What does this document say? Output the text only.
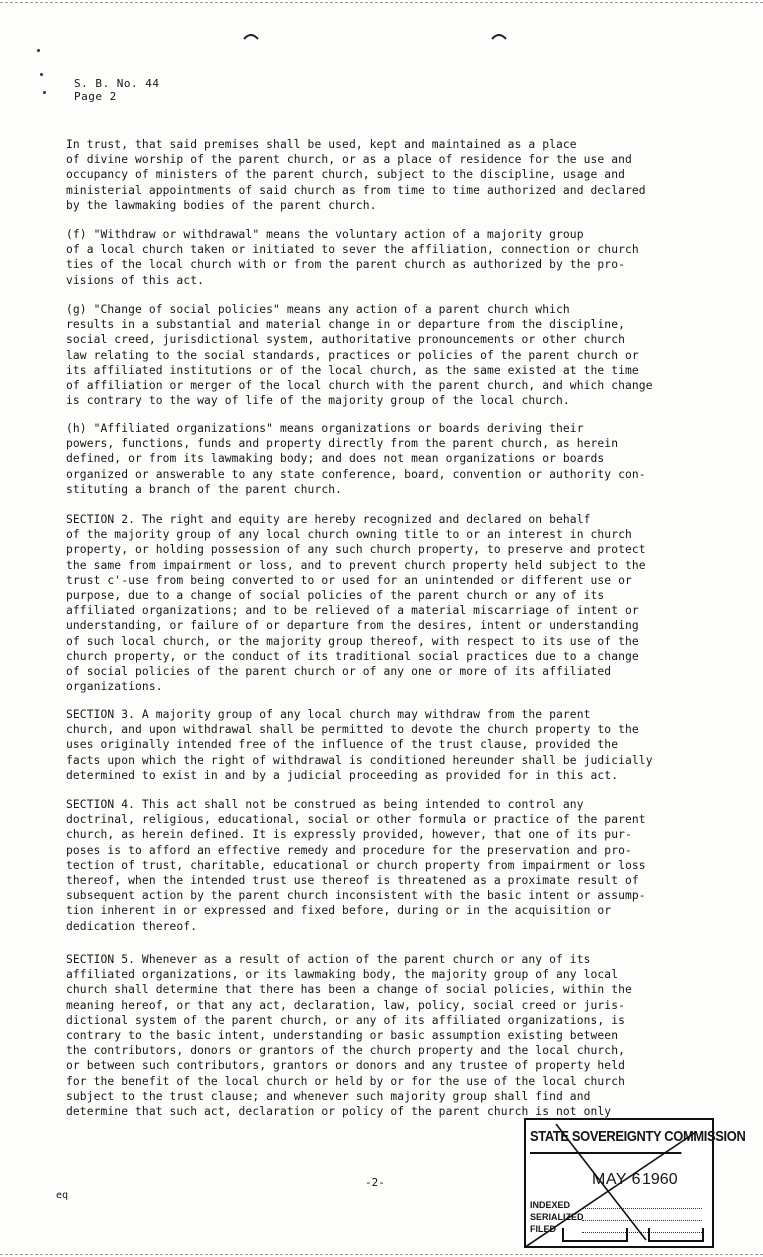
S. B. No. 44
Page 2
In trust, that said premises shall be used, kept and maintained as a place
of divine worship of the parent church, or as a place of residence for the use and
occupancy of ministers of the parent church, subject to the discipline, usage and
ministerial appointments of said church as from time to time authorized and declared
by the lawmaking bodies of the parent church.
(f) "Withdraw or withdrawal" means the voluntary action of a majority group
of a local church taken or initiated to sever the affiliation, connection or church
ties of the local church with or from the parent church as authorized by the pro-
visions of this act.
(g) "Change of social policies" means any action of a parent church which
results in a substantial and material change in or departure from the discipline,
social creed, jurisdictional system, authoritative pronouncements or other church
law relating to the social standards, practices or policies of the parent church or
its affiliated institutions or of the local church, as the same existed at the time
of affiliation or merger of the local church with the parent church, and which change
is contrary to the way of life of the majority group of the local church.
(h) "Affiliated organizations" means organizations or boards deriving their
powers, functions, funds and property directly from the parent church, as herein
defined, or from its lawmaking body; and does not mean organizations or boards
organized or answerable to any state conference, board, convention or authority con-
stituting a branch of the parent church.
SECTION 2. The right and equity are hereby recognized and declared on behalf
of the majority group of any local church owning title to or an interest in church
property, or holding possession of any such church property, to preserve and protect
the same from impairment or loss, and to prevent church property held subject to the
trust c'-use from being converted to or used for an unintended or different use or
purpose, due to a change of social policies of the parent church or any of its
affiliated organizations; and to be relieved of a material miscarriage of intent or
understanding, or failure of or departure from the desires, intent or understanding
of such local church, or the majority group thereof, with respect to its use of the
church property, or the conduct of its traditional social practices due to a change
of social policies of the parent church or of any one or more of its affiliated
organizations.
SECTION 3. A majority group of any local church may withdraw from the parent
church, and upon withdrawal shall be permitted to devote the church property to the
uses originally intended free of the influence of the trust clause, provided the
facts upon which the right of withdrawal is conditioned hereunder shall be judicially
determined to exist in and by a judicial proceeding as provided for in this act.
SECTION 4. This act shall not be construed as being intended to control any
doctrinal, religious, educational, social or other formula or practice of the parent
church, as herein defined. It is expressly provided, however, that one of its pur-
poses is to afford an effective remedy and procedure for the preservation and pro-
tection of trust, charitable, educational or church property from impairment or loss
thereof, when the intended trust use thereof is threatened as a proximate result of
subsequent action by the parent church inconsistent with the basic intent or assump-
tion inherent in or expressed and fixed before, during or in the acquisition or
dedication thereof.
SECTION 5. Whenever as a result of action of the parent church or any of its
affiliated organizations, or its lawmaking body, the majority group of any local
church shall determine that there has been a change of social policies, within the
meaning hereof, or that any act, declaration, law, policy, social creed or juris-
dictional system of the parent church, or any of its affiliated organizations, is
contrary to the basic intent, understanding or basic assumption existing between
the contributors, donors or grantors of the church property and the local church,
or between such contributors, grantors or donors and any trustee of property held
for the benefit of the local church or held by or for the use of the local church
subject to the trust clause; and whenever such majority group shall find and
determine that such act, declaration or policy of the parent church is not only
-2-
eq
STATE SOVEREIGNTY COMMISSION
MAY 6 1960
INDEXED
SERIALIZED
FILED
